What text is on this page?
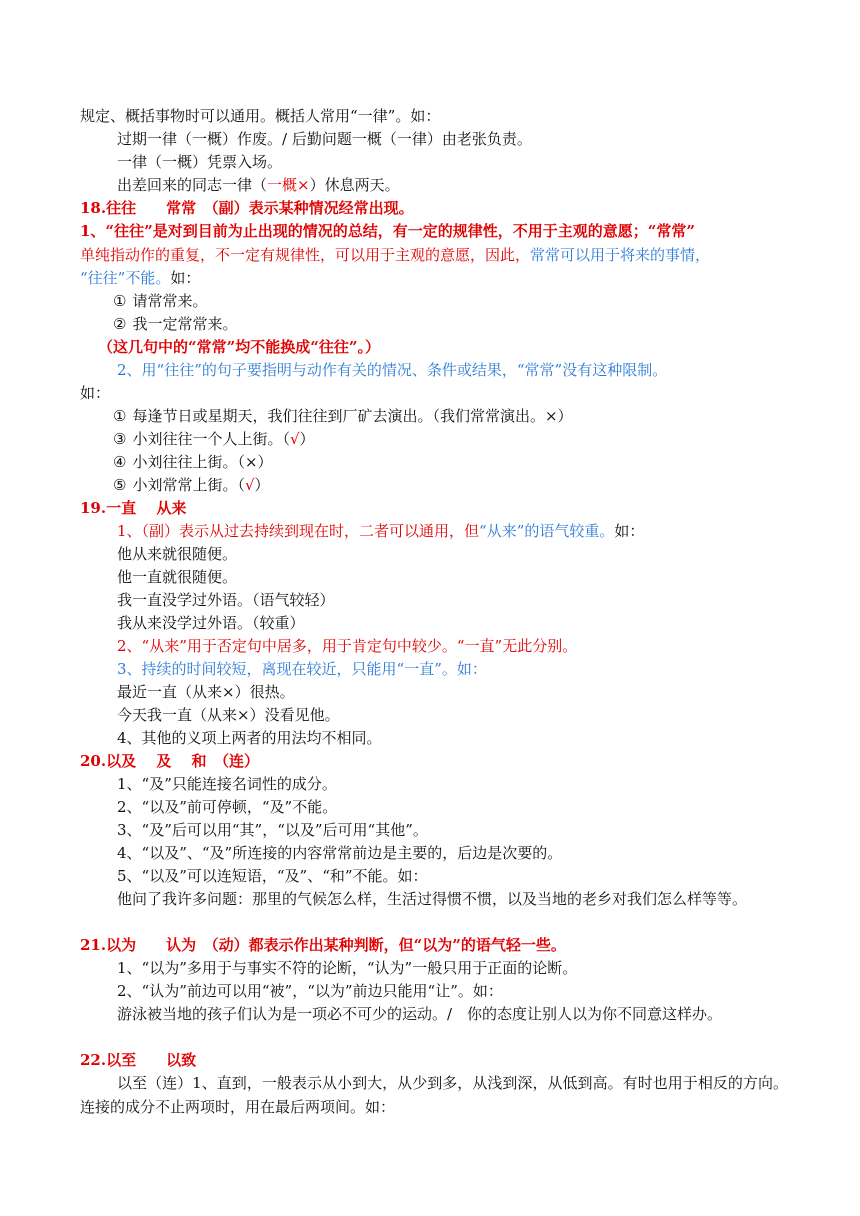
规定、概括事物时可以通用。概括人常用“一律”。如：
过期一律（一概）作废。/ 后勤问题一概（一律）由老张负责。
一律（一概）凭票入场。
出差回来的同志一律（一概×）休息两天。
18.往往　　常常　（副）表示某种情况经常出现。
1、“往往”是对到目前为止出现的情况的总结，有一定的规律性，不用于主观的意愿；“常常”
单纯指动作的重复，不一定有规律性，可以用于主观的意愿，因此，常常可以用于将来的事情，
“往往”不能。如：
① 请常常来。
② 我一定常常来。
（这几句中的“常常”均不能换成“往往”。）
2、用“往往”的句子要指明与动作有关的情况、条件或结果，“常常”没有这种限制。
如：
① 每逢节日或星期天，我们往往到厂矿去演出。（我们常常演出。×）
③ 小刘往往一个人上街。（√）
④ 小刘往往上街。（×）
⑤ 小刘常常上街。（√）
19.一直　 从来
1、（副）表示从过去持续到现在时，二者可以通用，但“从来”的语气较重。如：
他从来就很随便。
他一直就很随便。
我一直没学过外语。（语气较轻）
我从来没学过外语。（较重）
2、“从来”用于否定句中居多，用于肯定句中较少。“一直”无此分别。
3、持续的时间较短，离现在较近，只能用“一直”。如：
最近一直（从来×）很热。
今天我一直（从来×）没看见他。
4、其他的义项上两者的用法均不相同。
20.以及　 及　 和　（连）
1、“及”只能连接名词性的成分。
2、“以及”前可停顿，“及”不能。
3、“及”后可以用“其”，“以及”后可用“其他”。
4、“以及”、“及”所连接的内容常常前边是主要的，后边是次要的。
5、“以及”可以连短语，“及”、“和”不能。如：
他问了我许多问题：那里的气候怎么样，生活过得惯不惯，以及当地的老乡对我们怎么样等等。
21.以为　　认为　（动）都表示作出某种判断，但“以为”的语气轻一些。
1、“以为”多用于与事实不符的论断，“认为”一般只用于正面的论断。
2、“认为”前边可以用“被”，“以为”前边只能用“让”。如：
游泳被当地的孩子们认为是一项必不可少的运动。/　你的态度让别人以为你不同意这样办。
22.以至　　以致
以至（连）1、直到，一般表示从小到大，从少到多，从浅到深，从低到高。有时也用于相反的方向。连接的成分不止两项时，用在最后两项间。如：
